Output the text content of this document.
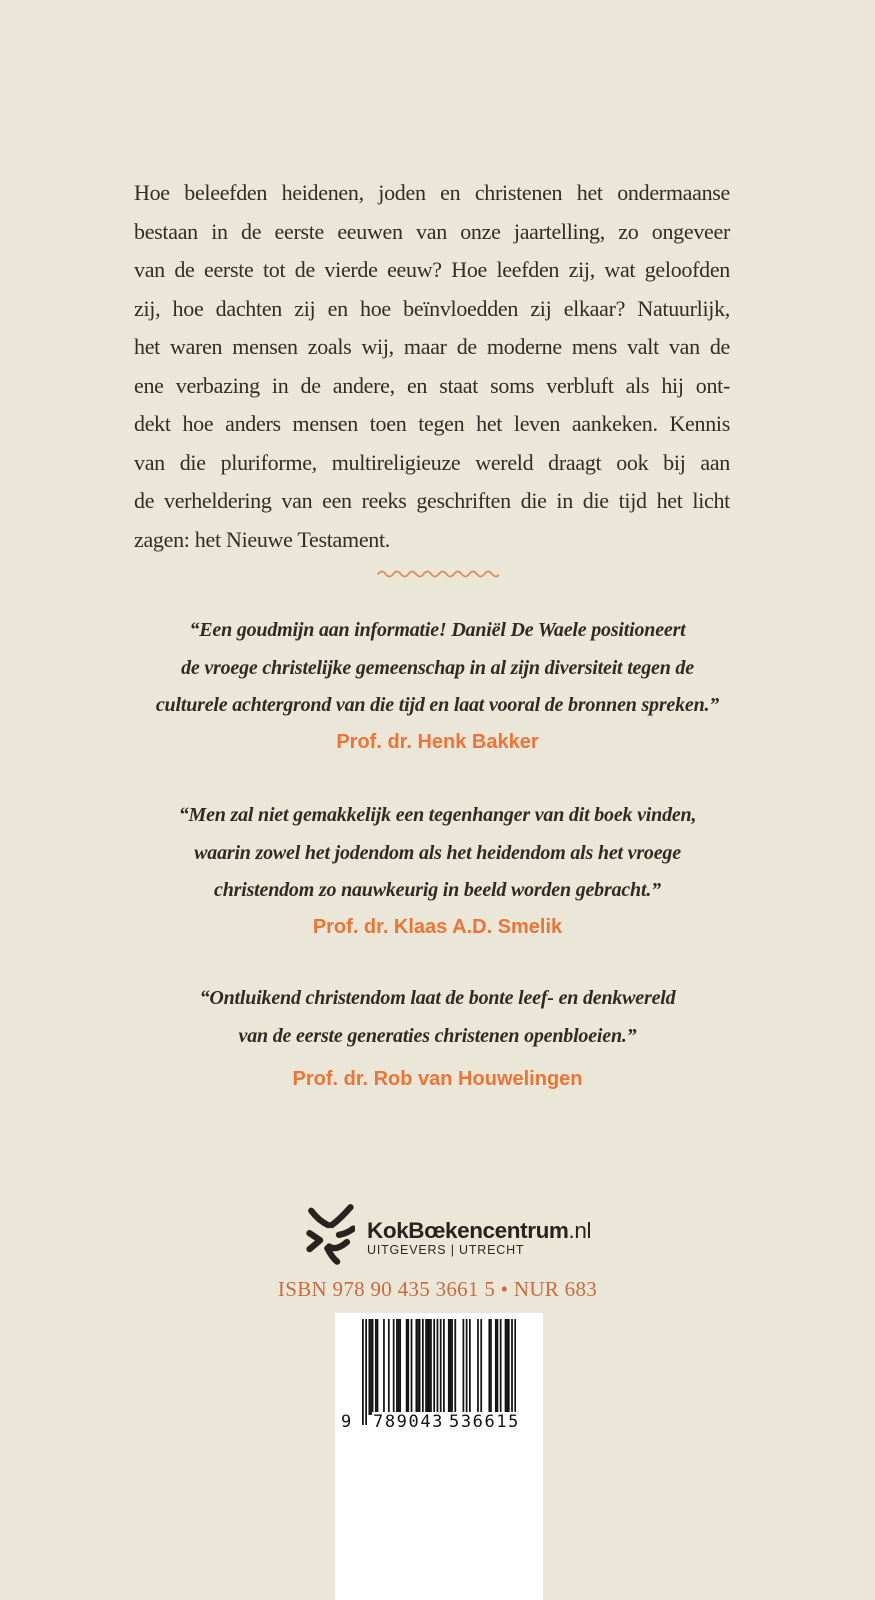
Hoe beleefden heidenen, joden en christenen het ondermaanse
bestaan in de eerste eeuwen van onze jaartelling, zo ongeveer
van de eerste tot de vierde eeuw? Hoe leefden zij, wat geloofden
zij, hoe dachten zij en hoe beïnvloedden zij elkaar? Natuurlijk,
het waren mensen zoals wij, maar de moderne mens valt van de
ene verbazing in de andere, en staat soms verbluft als hij ont-
dekt hoe anders mensen toen tegen het leven aankeken. Kennis
van die pluriforme, multireligieuze wereld draagt ook bij aan
de verheldering van een reeks geschriften die in die tijd het licht
zagen: het Nieuwe Testament.
“Een goudmijn aan informatie! Daniël De Waele positioneert
de vroege christelijke gemeenschap in al zijn diversiteit tegen de
culturele achtergrond van die tijd en laat vooral de bronnen spreken.”
Prof. dr. Henk Bakker
“Men zal niet gemakkelijk een tegenhanger van dit boek vinden,
waarin zowel het jodendom als het heidendom als het vroege
christendom zo nauwkeurig in beeld worden gebracht.”
Prof. dr. Klaas A.D. Smelik
“Ontluikend christendom laat de bonte leef- en denkwereld
van de eerste generaties christenen openbloeien.”
Prof. dr. Rob van Houwelingen
KokBœkencentrum.nl
UITGEVERS | UTRECHT
ISBN 978 90 435 3661 5 • NUR 683
9 789043 536615
